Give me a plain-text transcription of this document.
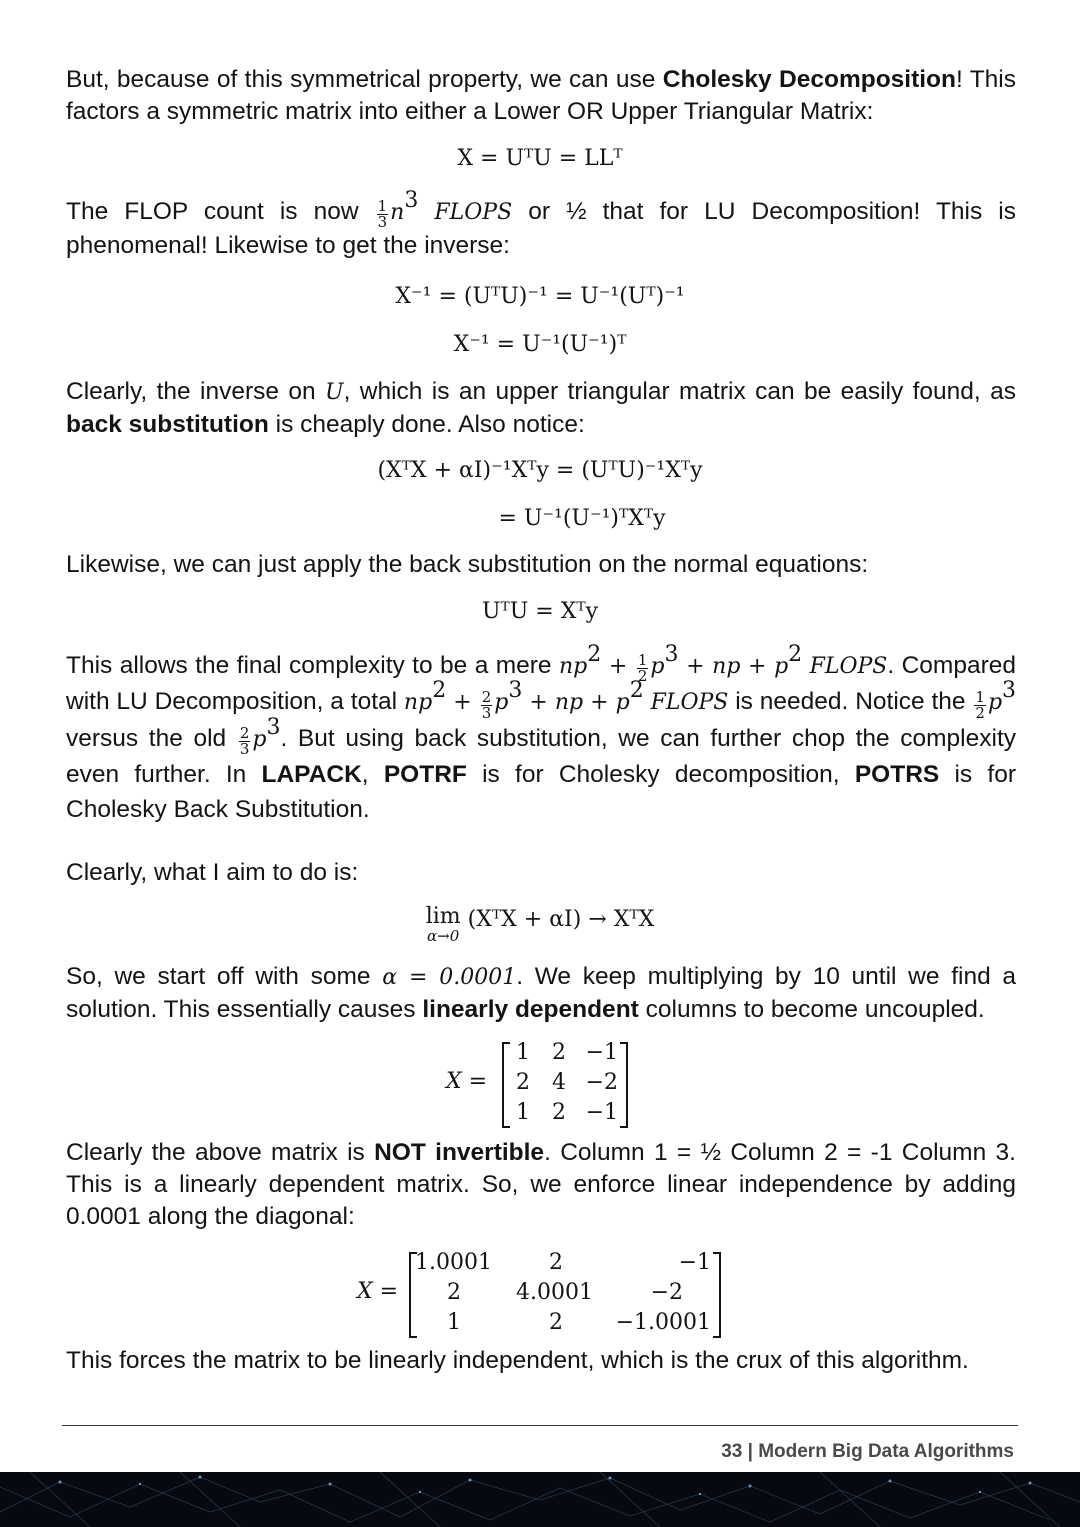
But, because of this symmetrical property, we can use Cholesky Decomposition! This factors a symmetric matrix into either a Lower OR Upper Triangular Matrix:
X = UᵀU = LLᵀ
The FLOP count is now $\frac{1}{3} n^3$ FLOPS or ½ that for LU Decomposition! This is phenomenal! Likewise to get the inverse:
X⁻¹ = (UᵀU)⁻¹ = U⁻¹(Uᵀ)⁻¹
X⁻¹ = U⁻¹(U⁻¹)ᵀ
Clearly, the inverse on U, which is an upper triangular matrix can be easily found, as back substitution is cheaply done. Also notice:
(XᵀX + αI)⁻¹Xᵀy = (UᵀU)⁻¹Xᵀy
= U⁻¹(U⁻¹)ᵀXᵀy
Likewise, we can just apply the back substitution on the normal equations:
UᵀU = Xᵀy
This allows the final complexity to be a mere $np^2 + \frac{1}{2} p^3$ + np + $p^2$ FLOPS. Compared with LU Decomposition, a total $np^2 + \frac{2}{3} p^3$ + np + $p^2$ FLOPS is needed. Notice the $\frac{1}{2} p^3$ versus the old $\frac{2}{3} p^3$. But using back substitution, we can further chop the complexity even further. In LAPACK, POTRF is for Cholesky decomposition, POTRS is for Cholesky Back Substitution.
Clearly, what I aim to do is:
lim
α→0
(XᵀX + αI) → XᵀX
So, we start off with some α = 0.0001. We keep multiplying by 10 until we find a solution. This essentially causes linearly dependent columns to become uncoupled.
X =
1	2 −1
2	4 −2
1	2 −1
Clearly the above matrix is NOT invertible. Column 1 = ½ Column 2 = -1 Column 3. This is a linearly dependent matrix. So, we enforce linear independence by adding 0.0001 along the diagonal:
X =
1.0001	2	−1
2	4.0001	−2
1	2	−1.0001
This forces the matrix to be linearly independent, which is the crux of this algorithm.
33 | Modern Big Data Algorithms
